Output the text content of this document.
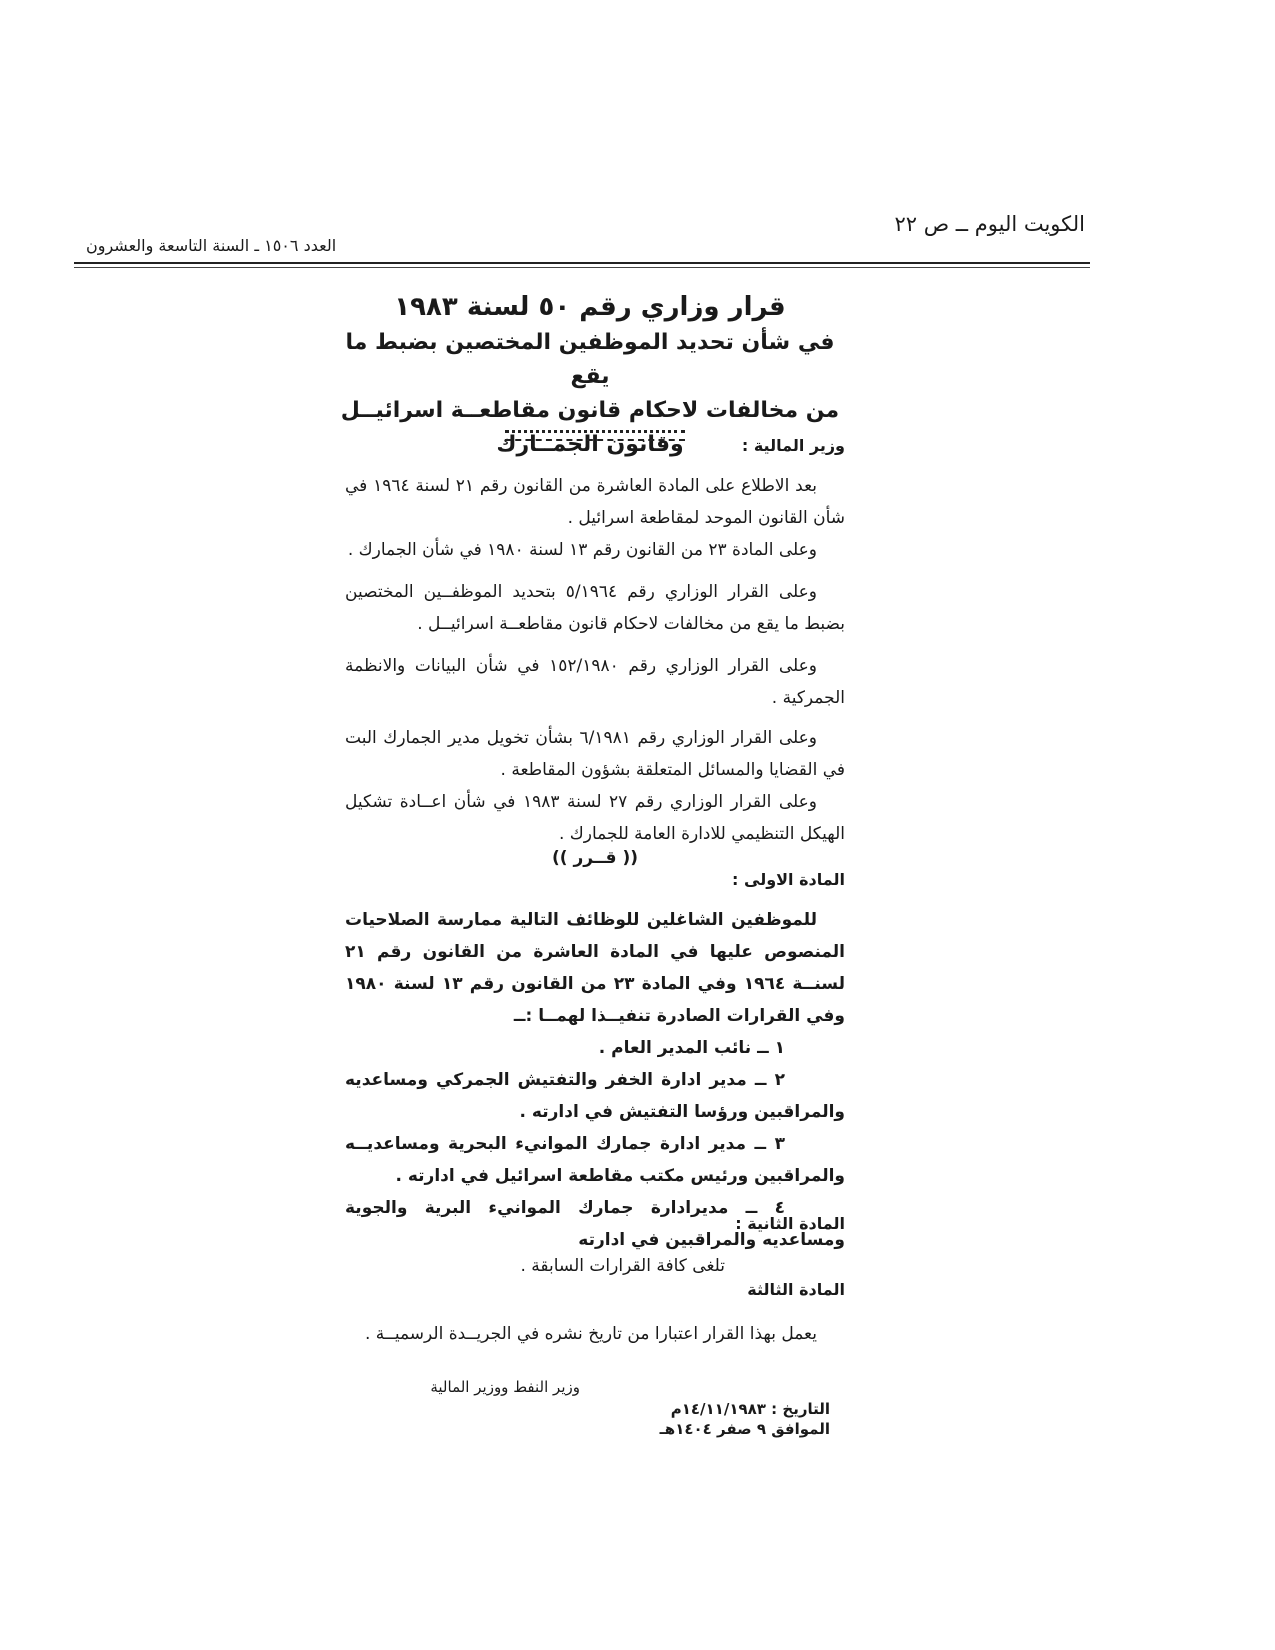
الكويت اليوم ــ ص ٢٢
العدد ١٥٠٦ ـ السنة التاسعة والعشرون
قرار وزاري رقم ٥٠ لسنة ١٩٨٣
في شأن تحديد الموظفين المختصين بضبط ما يقع
من مخالفات لاحكام قانون مقاطعــة اسرائيــل
وقانون الجمــارك	وزير المالية :

بعد الاطلاع على المادة العاشرة من القانون رقم ٢١ لسنة ١٩٦٤ في شأن القانون الموحد لمقاطعة اسرائيل .

وعلى المادة ٢٣ من القانون رقم ١٣ لسنة ١٩٨٠ في شأن الجمارك .

وعلى القرار الوزاري رقم ٥/١٩٦٤ بتحديد الموظفــين المختصين بضبط ما يقع من مخالفات لاحكام قانون مقاطعــة اسرائيــل .

وعلى القرار الوزاري رقم ١٥٢/١٩٨٠ في شأن البيانات والانظمة الجمركية .

وعلى القرار الوزاري رقم ٦/١٩٨١ بشأن تخويل مدير الجمارك البت في القضايا والمسائل المتعلقة بشؤون المقاطعة .

وعلى القرار الوزاري رقم ٢٧ لسنة ١٩٨٣ في شأن اعــادة تشكيل الهيكل التنظيمي للادارة العامة للجمارك .

(( قــرر ))
المادة الاولى :

للموظفين الشاغلين للوظائف التالية ممارسة الصلاحيات المنصوص عليها في المادة العاشرة من القانون رقم ٢١ لسنــة ١٩٦٤ وفي المادة ٢٣ من القانون رقم ١٣ لسنة ١٩٨٠ وفي القرارات الصادرة تنفيــذا لهمــا :ــ

١ ــ نائب المدير العام .

٢ ــ مدير ادارة الخفر والتفتيش الجمركي ومساعديه والمراقبين ورؤسا التفتيش في ادارته .

٣ ــ مدير ادارة جمارك الموانيء البحرية ومساعديــه والمراقبين ورئيس مكتب مقاطعة اسرائيل في ادارته .

٤ ــ مديرادارة جمارك الموانيء البرية والجوية ومساعديه والمراقبين في ادارته

المادة الثانية :

تلغى كافة القرارات السابقة .

المادة الثالثة

يعمل بهذا القرار اعتبارا من تاريخ نشره في الجريــدة الرسميــة .

وزير النفط ووزير المالية
التاريخ : ١٤/١١/١٩٨٣م
الموافق ٩ صفر ١٤٠٤هـ
